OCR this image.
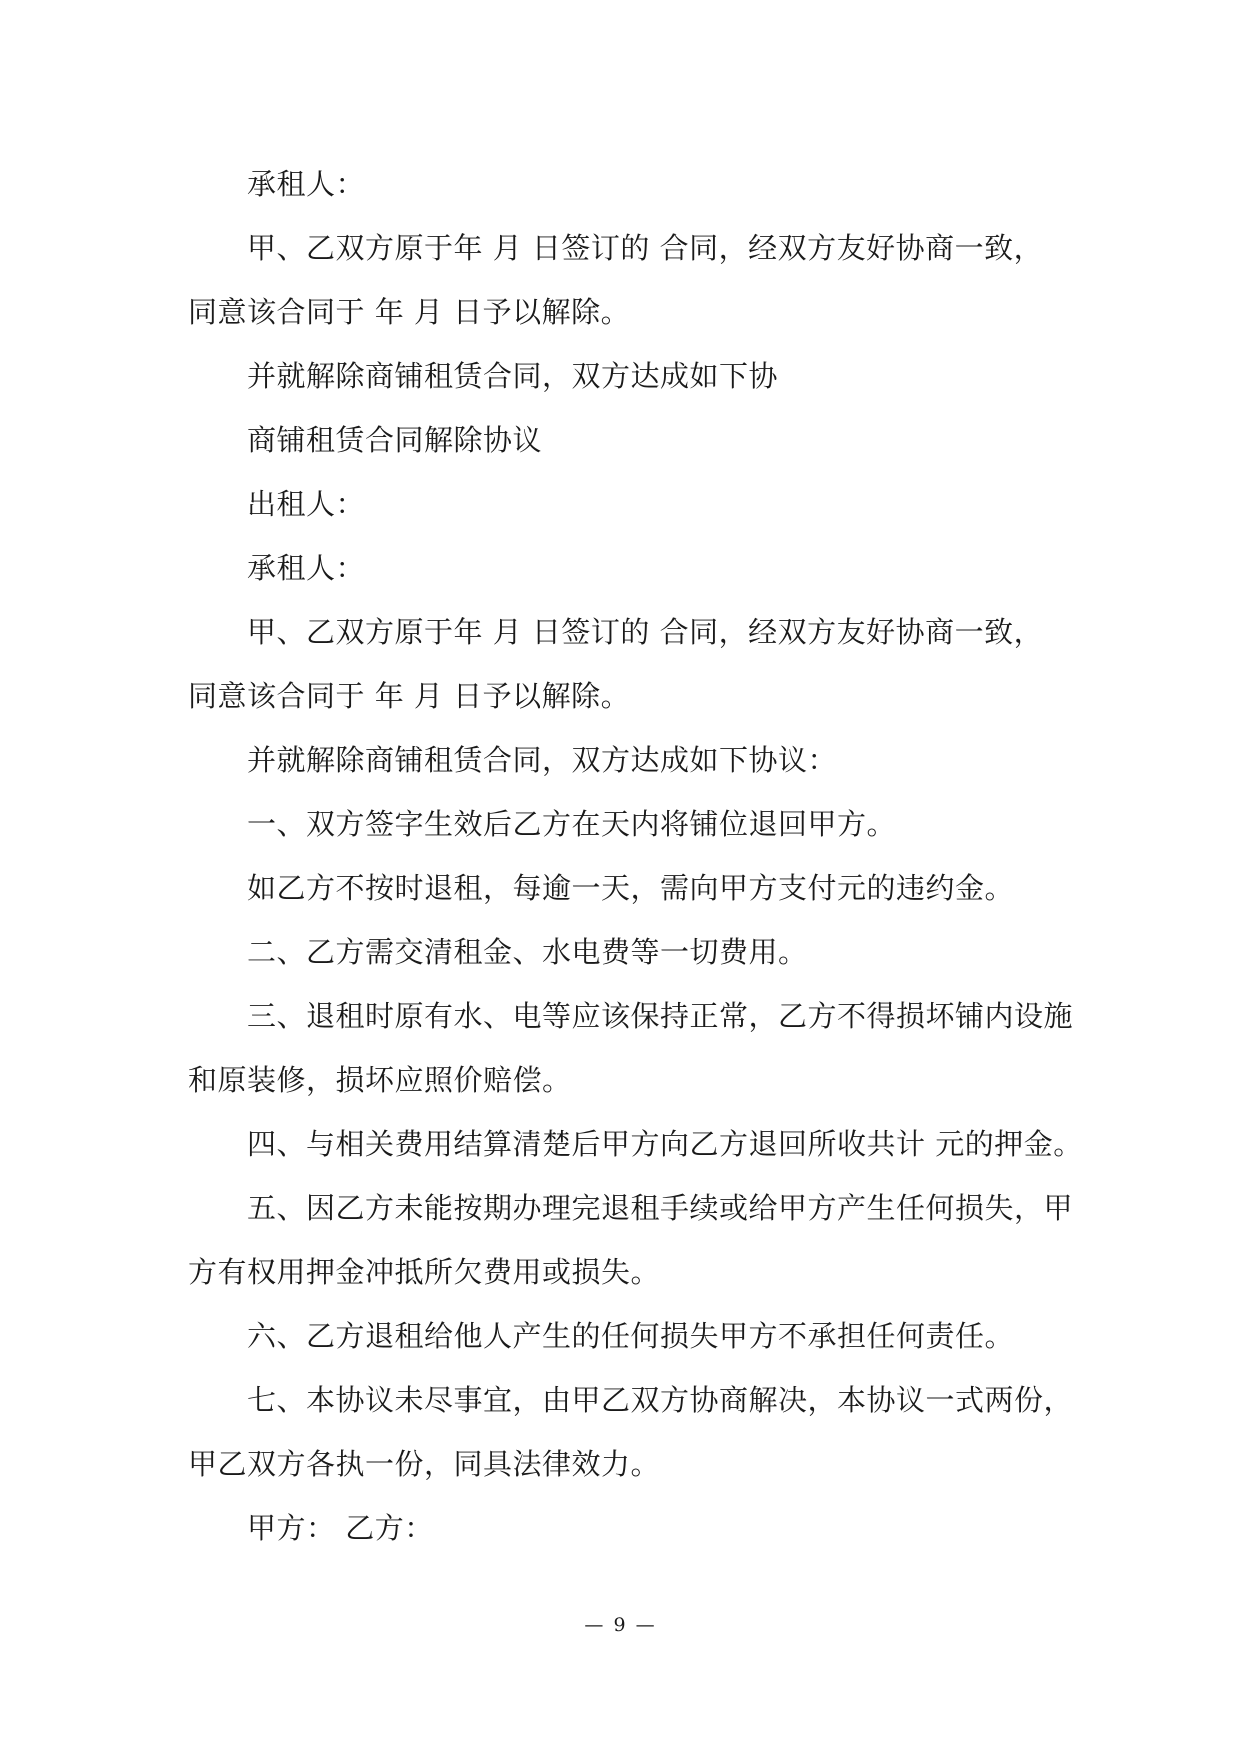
承租人：
甲、乙双方原于年 月 日签订的 合同，经双方友好协商一致，
同意该合同于 年 月 日予以解除。
并就解除商铺租赁合同，双方达成如下协
商铺租赁合同解除协议
出租人：
承租人：
甲、乙双方原于年 月 日签订的 合同，经双方友好协商一致，
同意该合同于 年 月 日予以解除。
并就解除商铺租赁合同，双方达成如下协议：
一、双方签字生效后乙方在天内将铺位退回甲方。
如乙方不按时退租，每逾一天，需向甲方支付元的违约金。
二、乙方需交清租金、水电费等一切费用。
三、退租时原有水、电等应该保持正常，乙方不得损坏铺内设施
和原装修，损坏应照价赔偿。
四、与相关费用结算清楚后甲方向乙方退回所收共计 元的押金。
五、因乙方未能按期办理完退租手续或给甲方产生任何损失，甲
方有权用押金冲抵所欠费用或损失。
六、乙方退租给他人产生的任何损失甲方不承担任何责任。
七、本协议未尽事宜，由甲乙双方协商解决，本协议一式两份，
甲乙双方各执一份，同具法律效力。
甲方： 乙方：
— 9 —
